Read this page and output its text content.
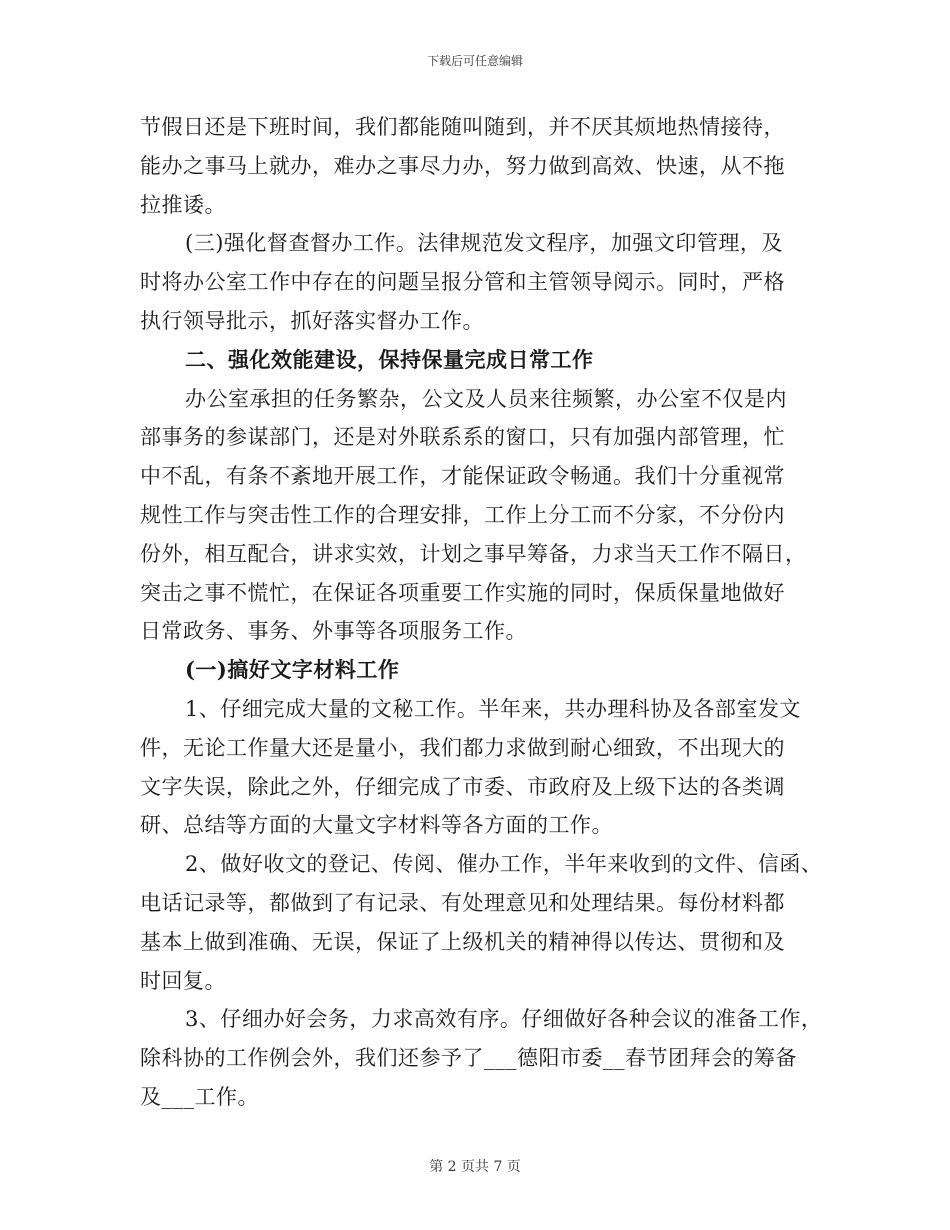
下载后可任意编辑

节假日还是下班时间，我们都能随叫随到，并不厌其烦地热情接待，

能办之事马上就办，难办之事尽力办，努力做到高效、快速，从不拖

拉推诿。

(三)强化督查督办工作。法律规范发文程序，加强文印管理，及

时将办公室工作中存在的问题呈报分管和主管领导阅示。同时，严格

执行领导批示，抓好落实督办工作。

二、强化效能建设，保持保量完成日常工作

办公室承担的任务繁杂，公文及人员来往频繁，办公室不仅是内

部事务的参谋部门，还是对外联系系的窗口，只有加强内部管理，忙

中不乱，有条不紊地开展工作，才能保证政令畅通。我们十分重视常

规性工作与突击性工作的合理安排，工作上分工而不分家，不分份内

份外，相互配合，讲求实效，计划之事早筹备，力求当天工作不隔日，

突击之事不慌忙，在保证各项重要工作实施的同时，保质保量地做好

日常政务、事务、外事等各项服务工作。

(一)搞好文字材料工作

1、仔细完成大量的文秘工作。半年来，共办理科协及各部室发文

件，无论工作量大还是量小，我们都力求做到耐心细致，不出现大的

文字失误，除此之外，仔细完成了市委、市政府及上级下达的各类调

研、总结等方面的大量文字材料等各方面的工作。

2、做好收文的登记、传阅、催办工作，半年来收到的文件、信函、

电话记录等，都做到了有记录、有处理意见和处理结果。每份材料都

基本上做到准确、无误，保证了上级机关的精神得以传达、贯彻和及

时回复。

3、仔细办好会务，力求高效有序。仔细做好各种会议的准备工作，

除科协的工作例会外，我们还参予了___德阳市委__春节团拜会的筹备

及___工作。

第 2 页共 7 页
